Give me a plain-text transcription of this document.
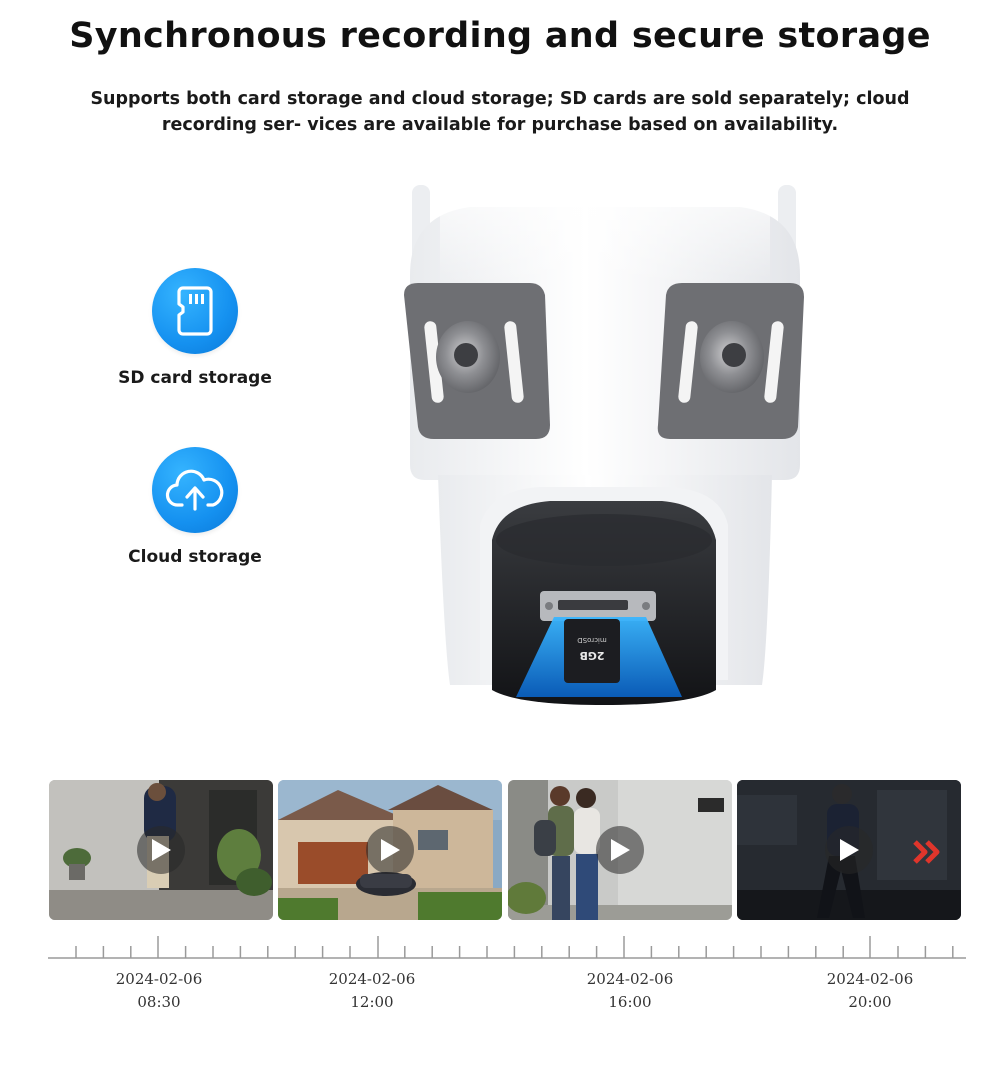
Synchronous recording and secure storage
Supports both card storage and cloud storage; SD cards are sold separately; cloud recording ser- vices are available for purchase based on availability.
SD card storage
Cloud storage
2GB
microSD
2024-02-06
08:30
2024-02-06
12:00
2024-02-06
16:00
2024-02-06
20:00
